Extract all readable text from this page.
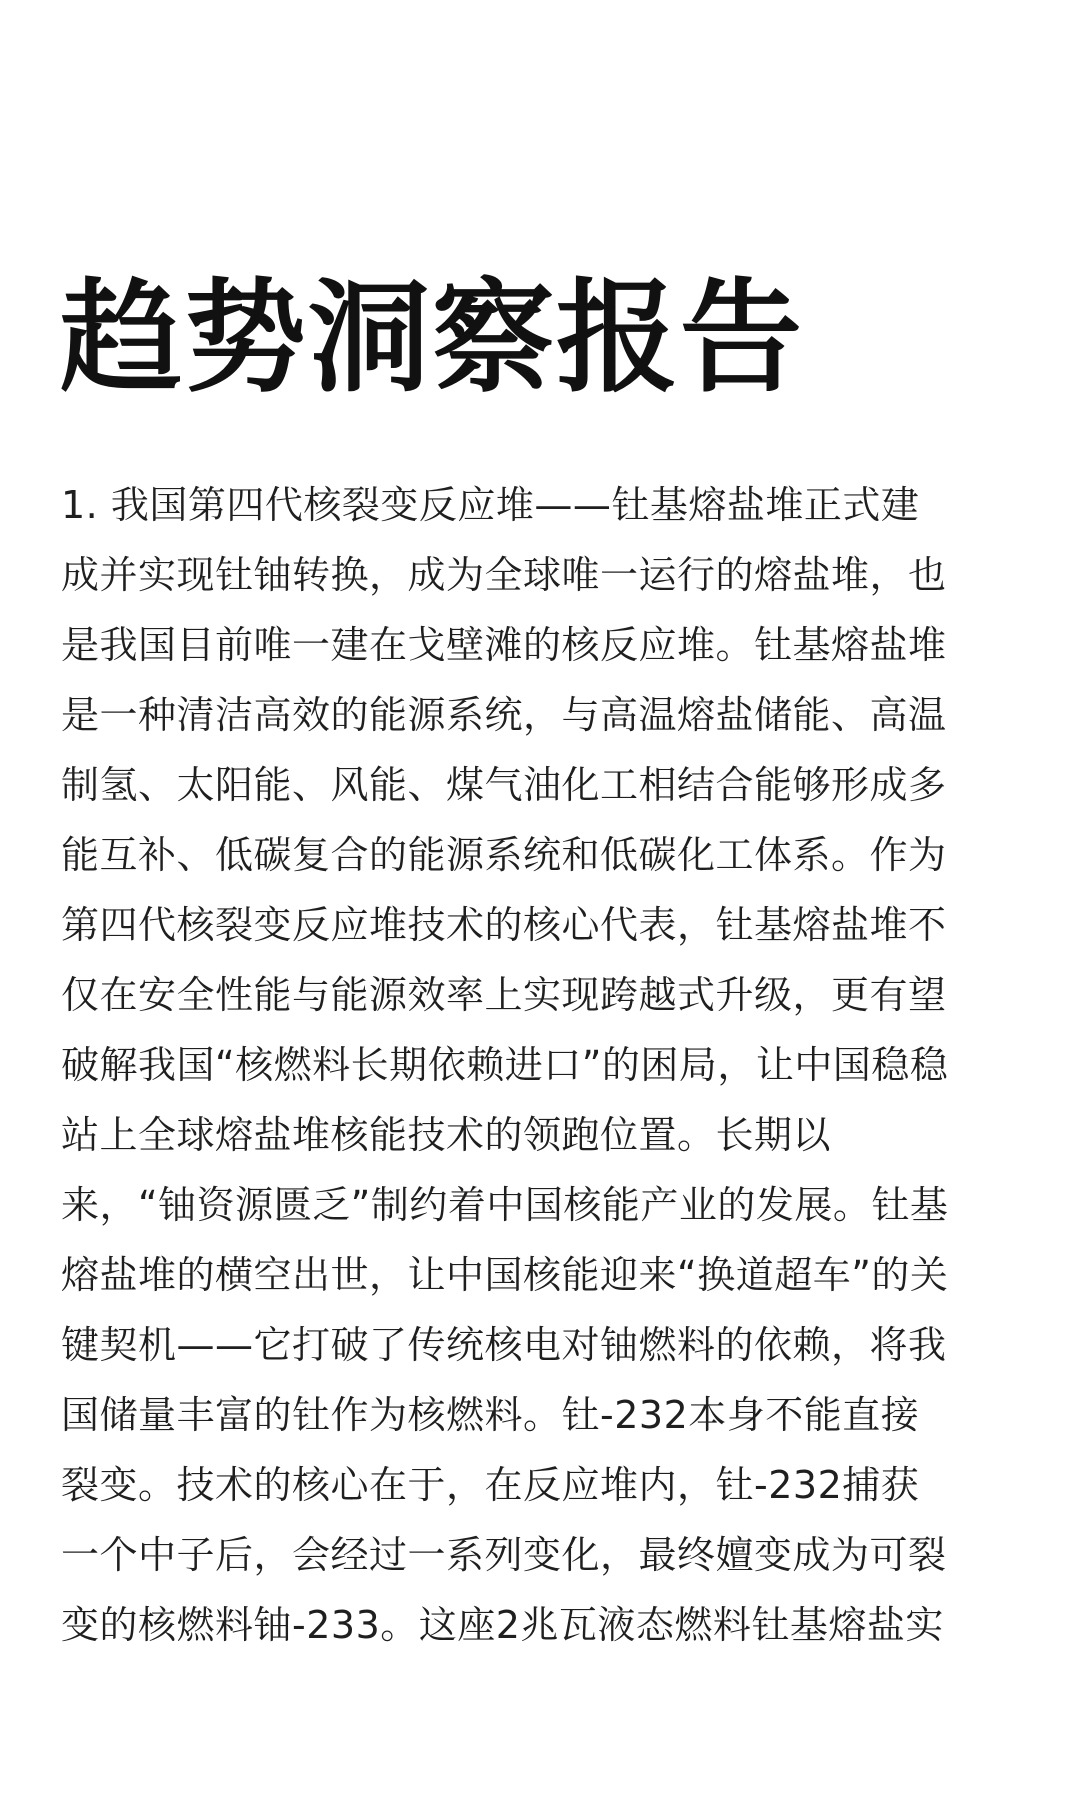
趋势洞察报告
1. 我国第四代核裂变反应堆——钍基熔盐堆正式建
成并实现钍铀转换，成为全球唯一运行的熔盐堆，也
是我国目前唯一建在戈壁滩的核反应堆。钍基熔盐堆
是一种清洁高效的能源系统，与高温熔盐储能、高温
制氢、太阳能、风能、煤气油化工相结合能够形成多
能互补、低碳复合的能源系统和低碳化工体系。作为
第四代核裂变反应堆技术的核心代表，钍基熔盐堆不
仅在安全性能与能源效率上实现跨越式升级，更有望
破解我国“核燃料长期依赖进口”的困局，让中国稳稳
站上全球熔盐堆核能技术的领跑位置。长期以
来，“铀资源匮乏”制约着中国核能产业的发展。钍基
熔盐堆的横空出世，让中国核能迎来“换道超车”的关
键契机——它打破了传统核电对铀燃料的依赖，将我
国储量丰富的钍作为核燃料。钍-232本身不能直接
裂变。技术的核心在于，在反应堆内，钍-232捕获
一个中子后，会经过一系列变化，最终嬗变成为可裂
变的核燃料铀-233。这座2兆瓦液态燃料钍基熔盐实
